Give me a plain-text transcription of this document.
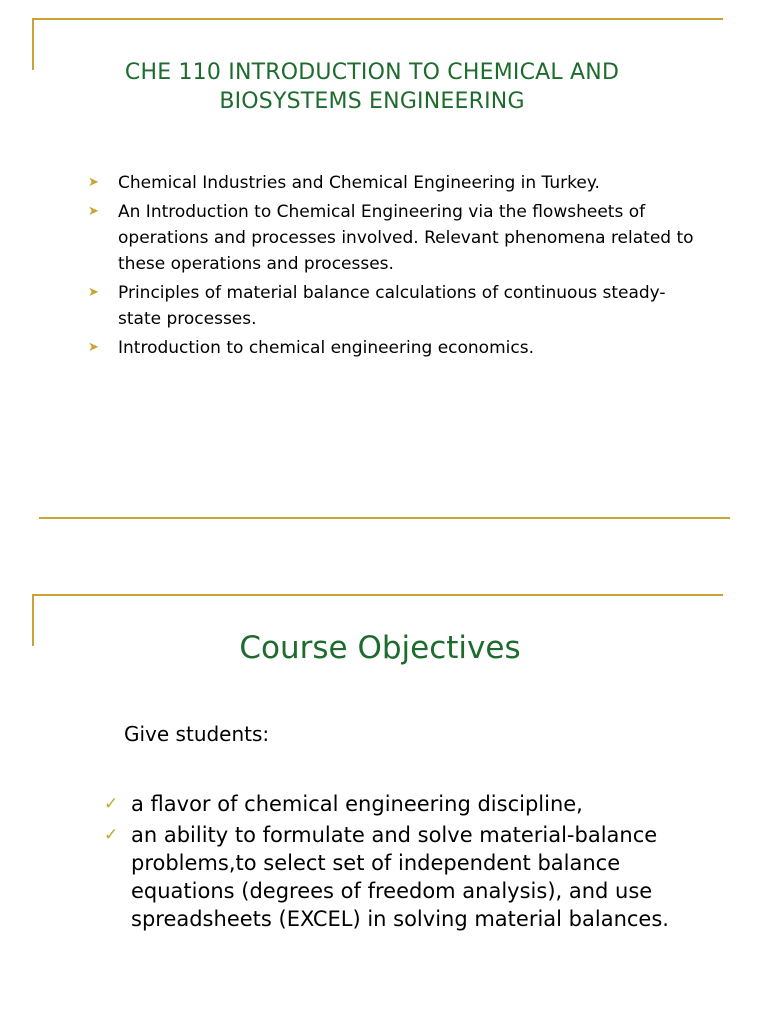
CHE 110 INTRODUCTION TO CHEMICAL AND
BIOSYSTEMS ENGINEERING
➤ Chemical Industries and Chemical Engineering in Turkey.
➤ An Introduction to Chemical Engineering via the flowsheets of operations and processes involved. Relevant phenomena related to these operations and processes.
➤ Principles of material balance calculations of continuous steady-state processes.
➤ Introduction to chemical engineering economics.
Course Objectives
Give students:
✓ a flavor of chemical engineering discipline,
✓ an ability to formulate and solve material-balance problems,to select set of independent balance equations (degrees of freedom analysis), and use spreadsheets (EXCEL) in solving material balances.
